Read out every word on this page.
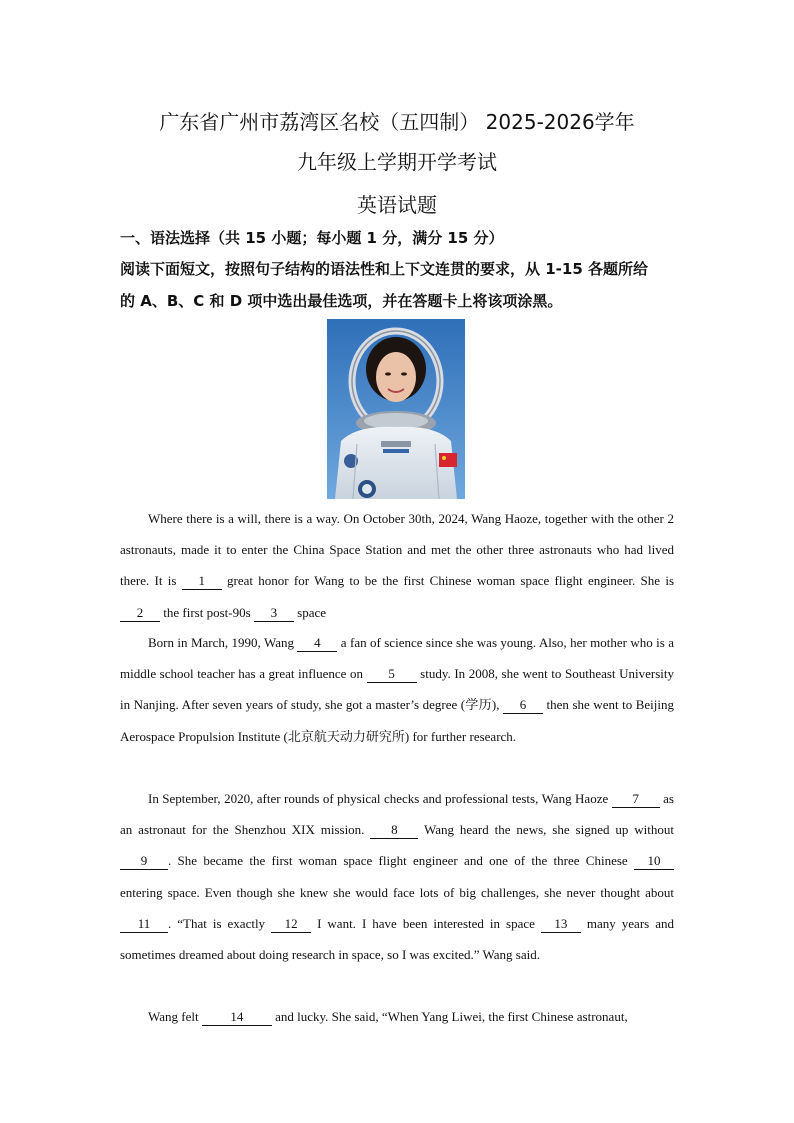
广东省广州市荔湾区名校（五四制） 2025-2026学年
九年级上学期开学考试
英语试题
一、语法选择（共 15 小题；每小题 1 分，满分 15 分）
阅读下面短文，按照句子结构的语法性和上下文连贯的要求，从 1-15 各题所给
的 A、B、C 和 D 项中选出最佳选项，并在答题卡上将该项涂黑。

Where there is a will, there is a way. On October 30th, 2024, Wang Haoze, together with the other 2 astronauts, made it to enter the China Space Station and met the other three astronauts who had lived there. It is 1 great honor for Wang to be the first Chinese woman space flight engineer. She is 2 the first post-90s 3 space

Born in March, 1990, Wang 4 a fan of science since she was young. Also, her mother who is a middle school teacher has a great influence on 5 study. In 2008, she went to Southeast University in Nanjing. After seven years of study, she got a master’s degree (学历), 6 then she went to Beijing Aerospace Propulsion Institute (北京航天动力研究所) for further research.

In September, 2020, after rounds of physical checks and professional tests, Wang Haoze 7 as an astronaut for the Shenzhou XIX mission. 8 Wang heard the news, she signed up without 9 . She became the first woman space flight engineer and one of the three Chinese 10 entering space. Even though she knew she would face lots of big challenges, she never thought about 11 . “That is exactly 12 I want. I have been interested in space 13 many years and sometimes dreamed about doing research in space, so I was excited.” Wang said.

Wang felt 14 and lucky. She said, “When Yang Liwei, the first Chinese astronaut,
